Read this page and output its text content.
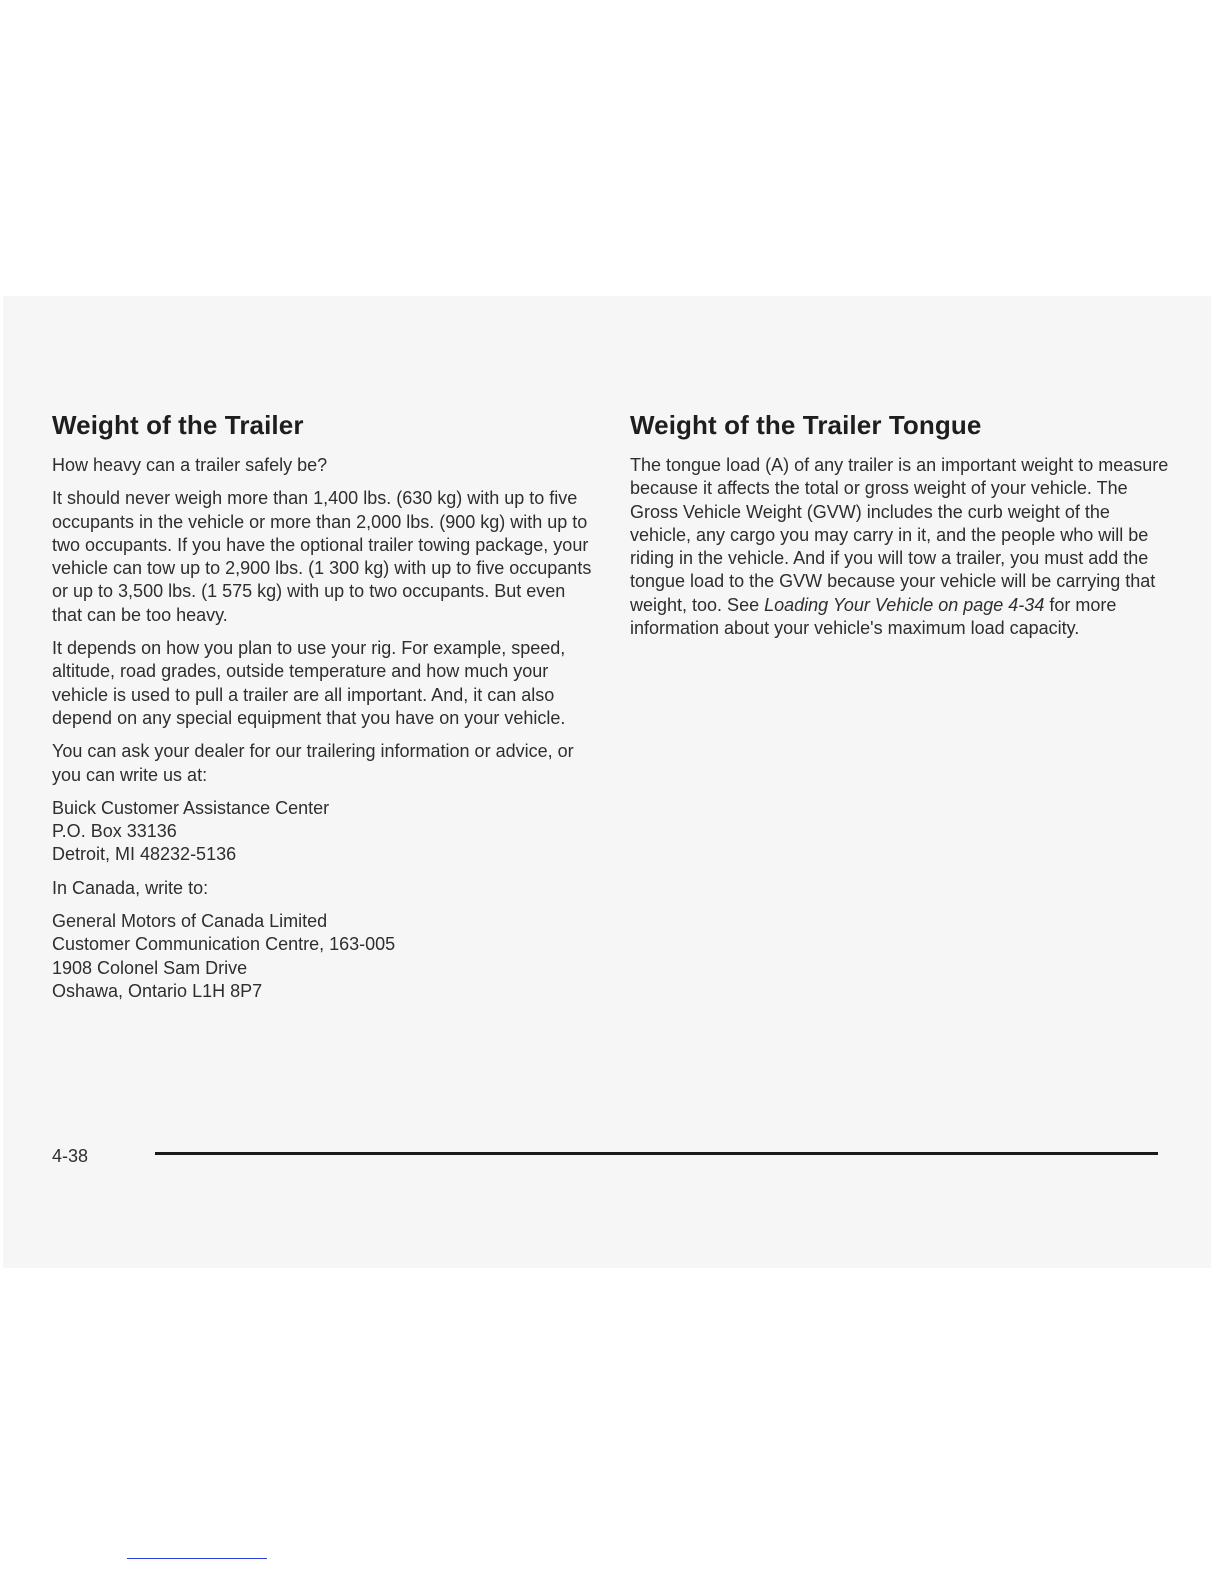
Weight of the Trailer

How heavy can a trailer safely be?

It should never weigh more than 1,400 lbs. (630 kg) with up to five occupants in the vehicle or more than 2,000 lbs. (900 kg) with up to two occupants. If you have the optional trailer towing package, your vehicle can tow up to 2,900 lbs. (1 300 kg) with up to five occupants or up to 3,500 lbs. (1 575 kg) with up to two occupants. But even that can be too heavy.

It depends on how you plan to use your rig. For example, speed, altitude, road grades, outside temperature and how much your vehicle is used to pull a trailer are all important. And, it can also depend on any special equipment that you have on your vehicle.

You can ask your dealer for our trailering information or advice, or you can write us at:

Buick Customer Assistance Center
P.O. Box 33136
Detroit, MI 48232-5136

In Canada, write to:

General Motors of Canada Limited
Customer Communication Centre, 163-005
1908 Colonel Sam Drive
Oshawa, Ontario L1H 8P7

Weight of the Trailer Tongue

The tongue load (A) of any trailer is an important weight to measure because it affects the total or gross weight of your vehicle. The Gross Vehicle Weight (GVW) includes the curb weight of the vehicle, any cargo you may carry in it, and the people who will be riding in the vehicle. And if you will tow a trailer, you must add the tongue load to the GVW because your vehicle will be carrying that weight, too. See Loading Your Vehicle on page 4-34 for more information about your vehicle's maximum load capacity.

4-38
